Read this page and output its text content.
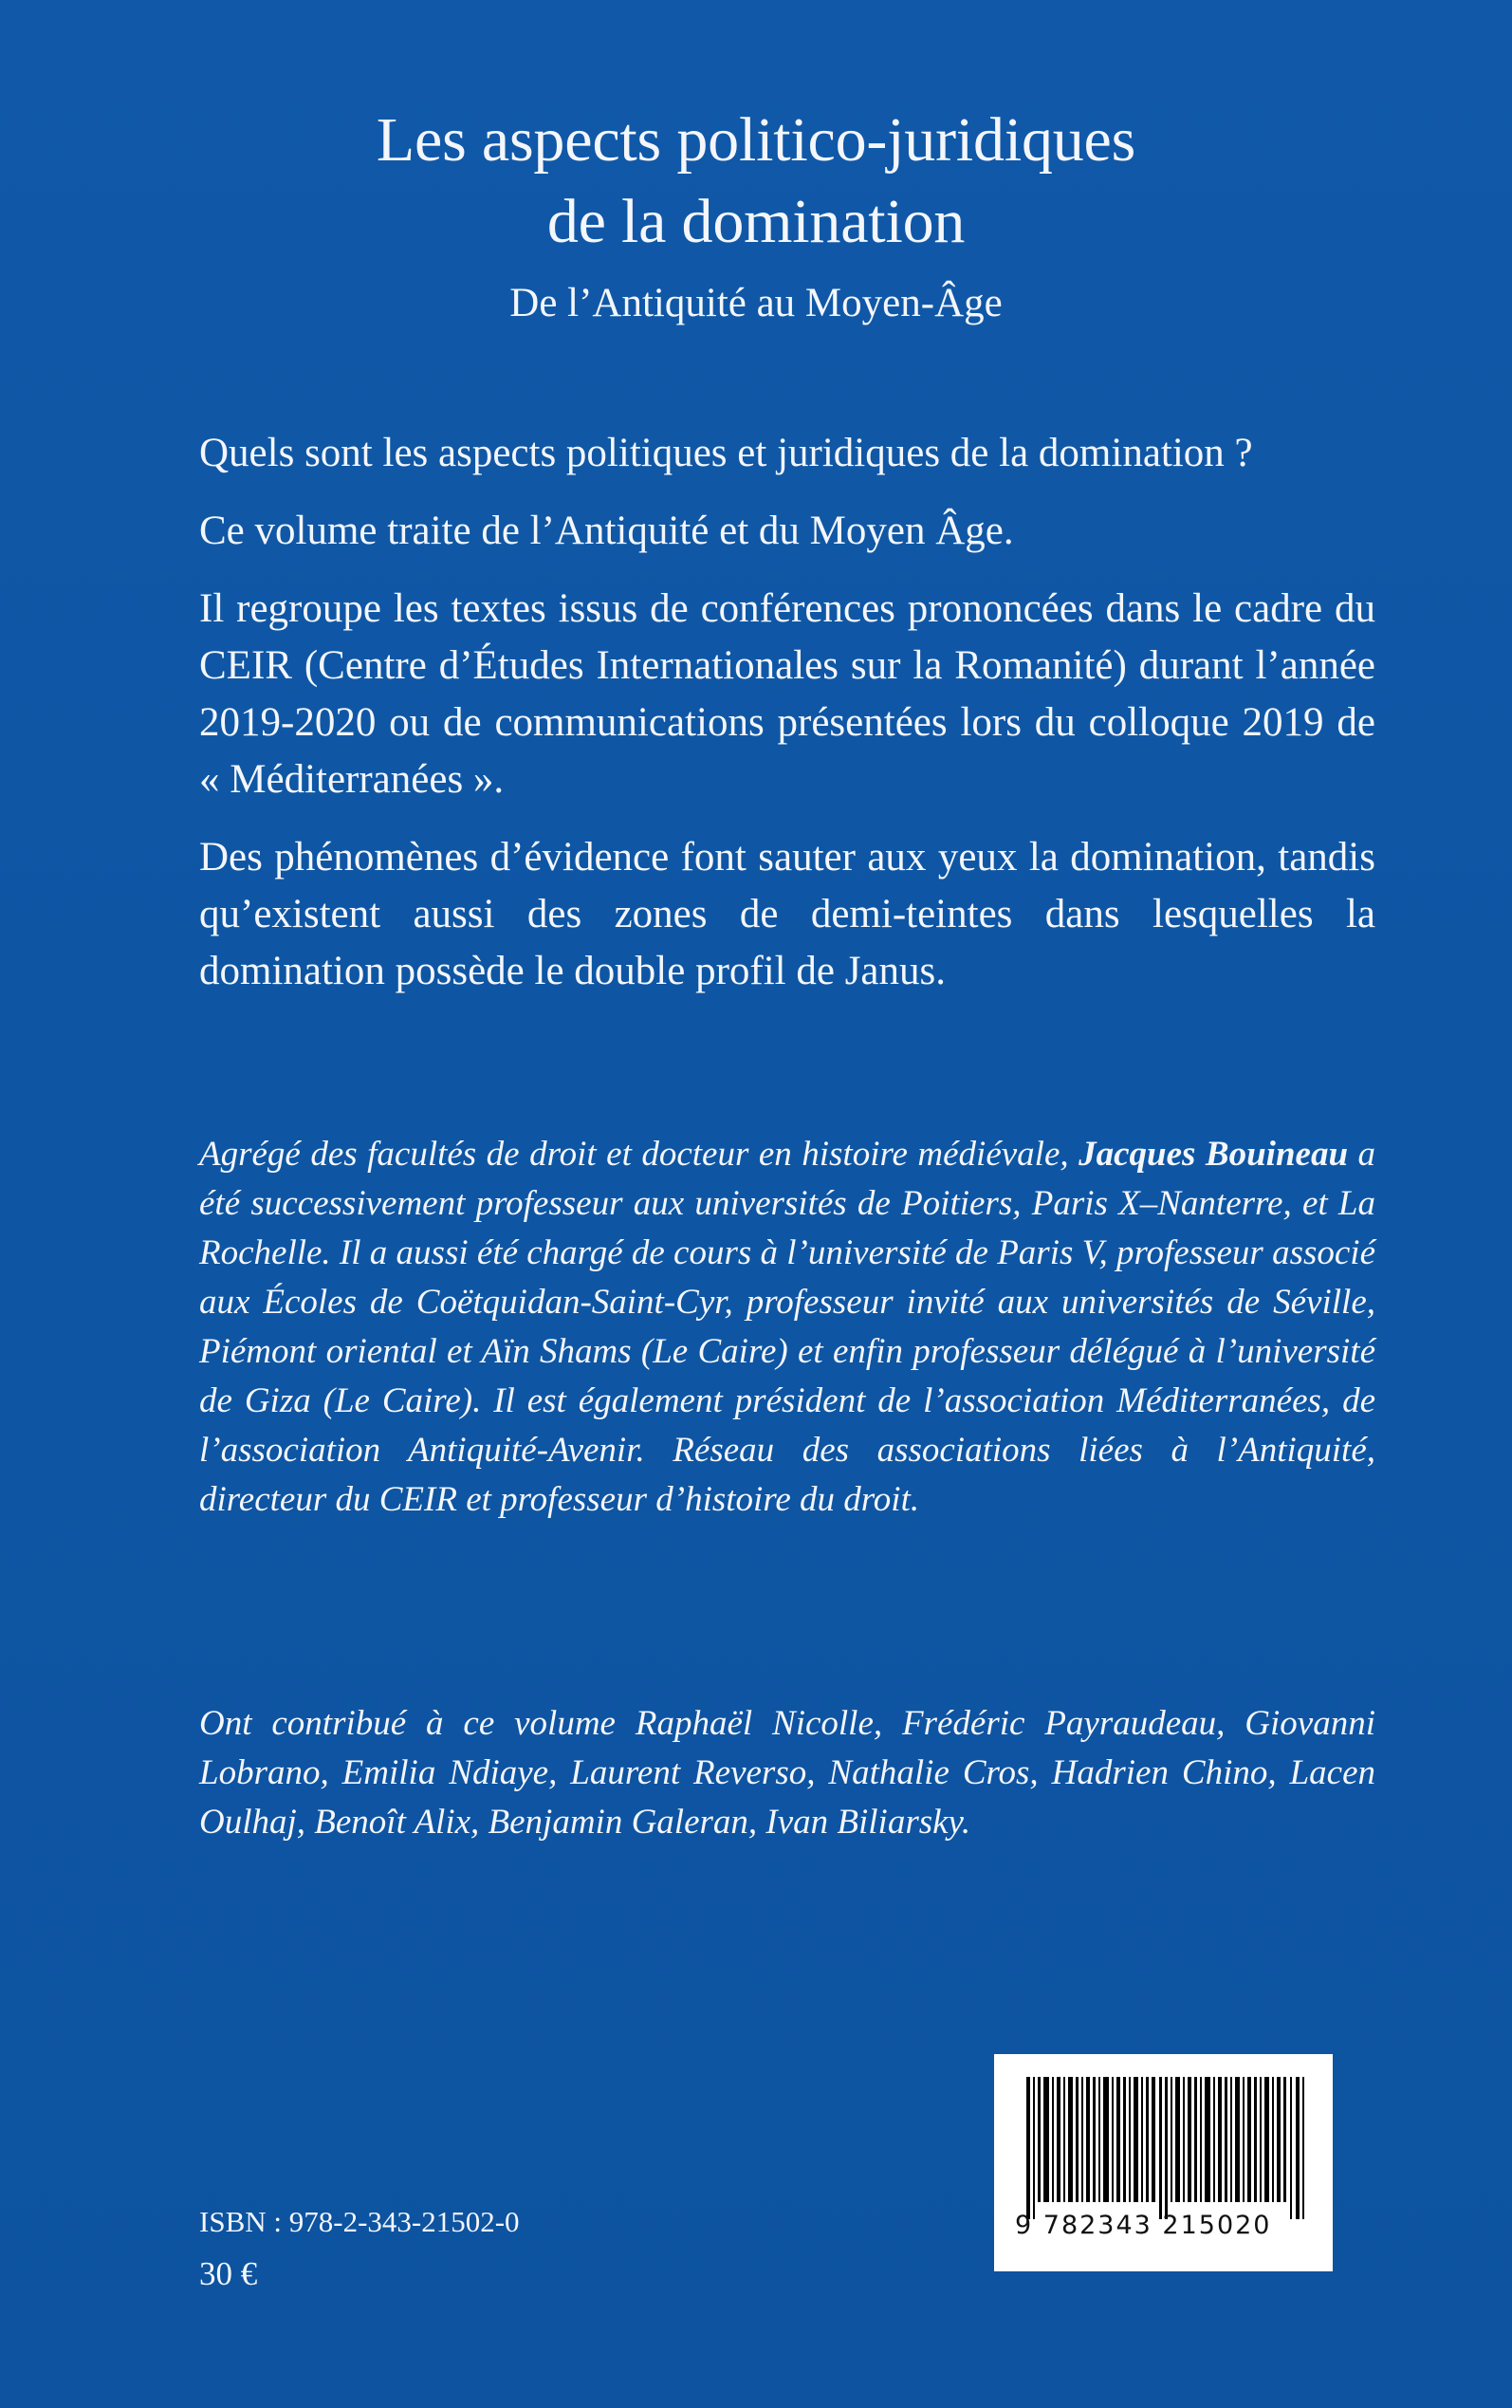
Les aspects politico-juridiques
de la domination
De l’Antiquité au Moyen-Âge

Quels sont les aspects politiques et juridiques de la domination ?

Ce volume traite de l’Antiquité et du Moyen Âge.

Il regroupe les textes issus de conférences prononcées dans le cadre du CEIR (Centre d’Études Internationales sur la Romanité) durant l’année 2019-2020 ou de communications présentées lors du colloque 2019 de « Méditerranées ».

Des phénomènes d’évidence font sauter aux yeux la domination, tandis qu’existent aussi des zones de demi-teintes dans lesquelles la domination possède le double profil de Janus.

Agrégé des facultés de droit et docteur en histoire médiévale, Jacques Bouineau a été successivement professeur aux universités de Poitiers, Paris X–Nanterre, et La Rochelle. Il a aussi été chargé de cours à l’université de Paris V, professeur associé aux Écoles de Coëtquidan-Saint-Cyr, professeur invité aux universités de Séville, Piémont oriental et Aïn Shams (Le Caire) et enfin professeur délégué à l’université de Giza (Le Caire). Il est également président de l’association Méditerranées, de l’association Antiquité-Avenir. Réseau des associations liées à l’Antiquité, directeur du CEIR et professeur d’histoire du droit.

Ont contribué à ce volume Raphaël Nicolle, Frédéric Payraudeau, Giovanni Lobrano, Emilia Ndiaye, Laurent Reverso, Nathalie Cros, Hadrien Chino, Lacen Oulhaj, Benoît Alix, Benjamin Galeran, Ivan Biliarsky.

ISBN : 978-2-343-21502-0
30 €
9 782343 215020
